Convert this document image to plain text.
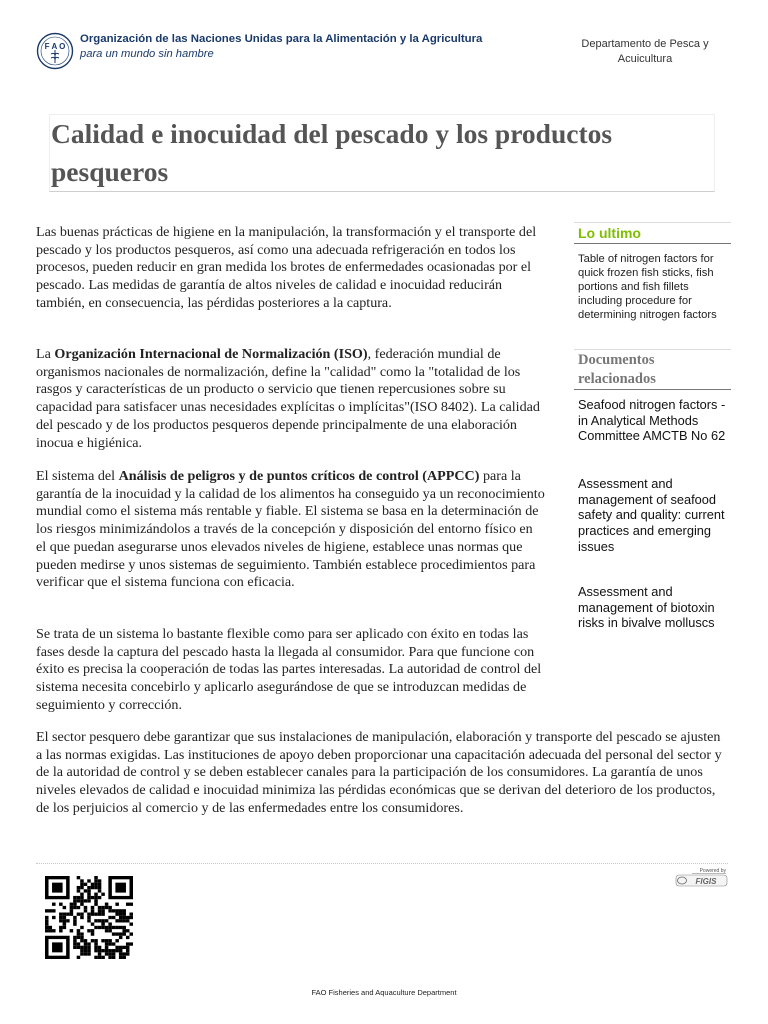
F A O
Organización de las Naciones Unidas para la Alimentación y la Agricultura
para un mundo sin hambre
Departamento de Pesca y Acuicultura
Calidad e inocuidad del pescado y los productos pesqueros

Las buenas prácticas de higiene en la manipulación, la transformación y el transporte del pescado y los productos pesqueros, así como una adecuada refrigeración en todos los procesos, pueden reducir en gran medida los brotes de enfermedades ocasionadas por el pescado. Las medidas de garantía de altos niveles de calidad e inocuidad reducirán también, en consecuencia, las pérdidas posteriores a la captura.

La Organización Internacional de Normalización (ISO), federación mundial de organismos nacionales de normalización, define la "calidad" como la "totalidad de los rasgos y características de un producto o servicio que tienen repercusiones sobre su capacidad para satisfacer unas necesidades explícitas o implícitas"(ISO 8402). La calidad del pescado y de los productos pesqueros depende principalmente de una elaboración inocua e higiénica.

El sistema del Análisis de peligros y de puntos críticos de control (APPCC) para la garantía de la inocuidad y la calidad de los alimentos ha conseguido ya un reconocimiento mundial como el sistema más rentable y fiable. El sistema se basa en la determinación de los riesgos minimizándolos a través de la concepción y disposición del entorno físico en el que puedan asegurarse unos elevados niveles de higiene, establece unas normas que pueden medirse y unos sistemas de seguimiento. También establece procedimientos para verificar que el sistema funciona con eficacia.

Se trata de un sistema lo bastante flexible como para ser aplicado con éxito en todas las fases desde la captura del pescado hasta la llegada al consumidor. Para que funcione con éxito es precisa la cooperación de todas las partes interesadas. La autoridad de control del sistema necesita concebirlo y aplicarlo asegurándose de que se introduzcan medidas de seguimiento y corrección.

El sector pesquero debe garantizar que sus instalaciones de manipulación, elaboración y transporte del pescado se ajusten a las normas exigidas. Las instituciones de apoyo deben proporcionar una capacitación adecuada del personal del sector y de la autoridad de control y se deben establecer canales para la participación de los consumidores. La garantía de unos niveles elevados de calidad e inocuidad minimiza las pérdidas económicas que se derivan del deterioro de los productos, de los perjuicios al comercio y de las enfermedades entre los consumidores.

Lo ultimo
Table of nitrogen factors for quick frozen fish sticks, fish portions and fish fillets including procedure for determining nitrogen factors
Documentos relacionados
Seafood nitrogen factors - in Analytical Methods Committee AMCTB No 62
Assessment and management of seafood safety and quality: current practices and emerging issues
Assessment and management of biotoxin risks in bivalve molluscs
Powered by
FIGIS
FAO Fisheries and Aquaculture Department
